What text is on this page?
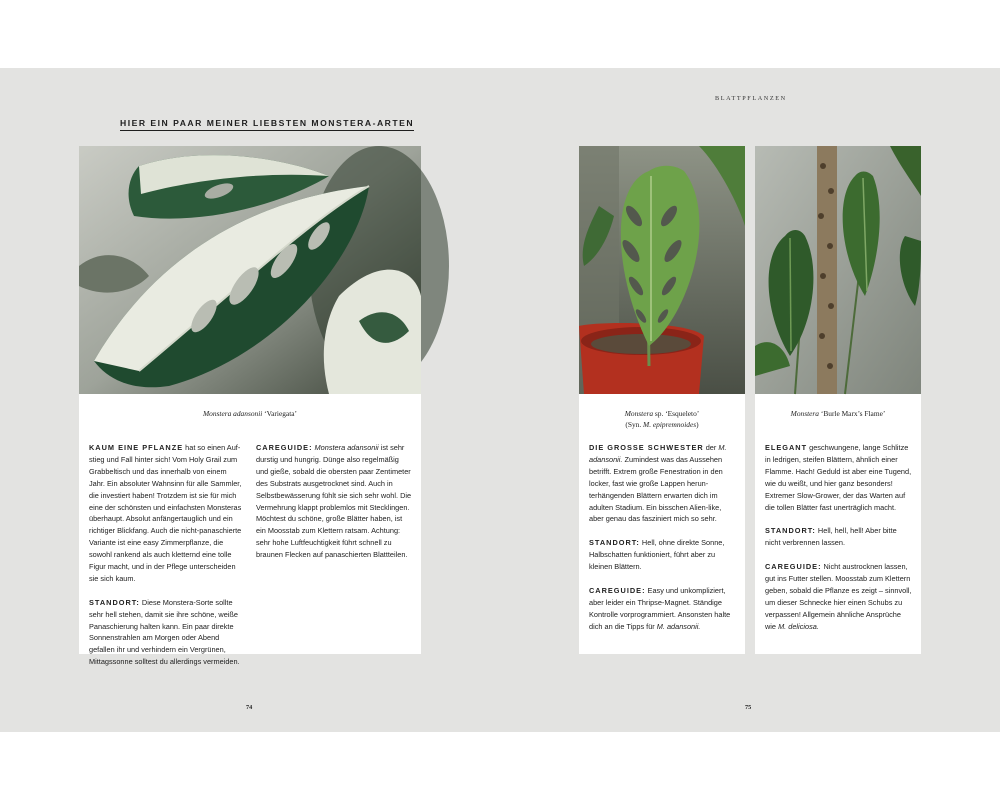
HIER EIN PAAR MEINER LIEBSTEN MONSTERA-ARTEN
BLATTPFLANZEN
Monstera adansonii ‘Variegata’

KAUM EINE PFLANZE hat so einen Aufstieg und Fall hinter sich! Vom Holy Grail zum Grabbeltisch und das innerhalb von einem Jahr. Ein absoluter Wahnsinn für alle Sammler, die investiert haben! Trotzdem ist sie für mich eine der schönsten und einfachsten Monsteras überhaupt. Absolut anfängertauglich und ein richtiger Blickfang. Auch die nicht-panaschierte Variante ist eine easy Zimmerpflanze, die sowohl rankend als auch kletternd eine tolle Figur macht, und in der Pflege unterscheiden sie sich kaum.

STANDORT: Diese Monstera-Sorte sollte sehr hell stehen, damit sie ihre schöne, weiße Panaschierung halten kann. Ein paar direkte Sonnenstrahlen am Morgen oder Abend gefallen ihr und verhindern ein Vergrünen, Mittagssonne solltest du allerdings vermeiden.

CAREGUIDE: Monstera adansonii ist sehr durstig und hungrig. Dünge also regelmäßig und gieße, sobald die obersten paar Zentimeter des Substrats ausgetrocknet sind. Auch in Selbstbewässerung fühlt sie sich sehr wohl. Die Vermehrung klappt problemlos mit Stecklingen. Möchtest du schöne, große Blätter haben, ist ein Moosstab zum Klettern ratsam. Achtung: sehr hohe Luftfeuchtigkeit führt schnell zu braunen Flecken auf panaschierten Blattteilen.

Monstera sp. ‘Esqueleto’
(Syn. M. epipremnoides)

DIE GROSSE SCHWESTER der M. adansonii. Zumindest was das Aussehen betrifft. Extrem große Fenestration in den locker, fast wie große Lappen herunterhängenden Blättern erwarten dich im adulten Stadium. Ein bisschen Alien-like, aber genau das fasziniert mich so sehr.

STANDORT: Hell, ohne direkte Sonne, Halbschatten funktioniert, führt aber zu kleinen Blättern.

CAREGUIDE: Easy und unkompliziert, aber leider ein Thripse-Magnet. Ständige Kontrolle vorprogrammiert. Ansonsten halte dich an die Tipps für M. adansonii.

Monstera ‘Burle Marx’s Flame’

ELEGANT geschwungene, lange Schlitze in ledrigen, steifen Blättern, ähnlich einer Flamme. Hach! Geduld ist aber eine Tugend, wie du weißt, und hier ganz besonders! Extremer Slow-Grower, der das Warten auf die tollen Blätter fast unerträglich macht.

STANDORT: Hell, hell, hell! Aber bitte nicht verbrennen lassen.

CAREGUIDE: Nicht austrocknen lassen, gut ins Futter stellen. Moosstab zum Klettern geben, sobald die Pflanze es zeigt – sinnvoll, um dieser Schnecke hier einen Schubs zu verpassen! Allgemein ähnliche Ansprüche wie M. deliciosa.

74	75
